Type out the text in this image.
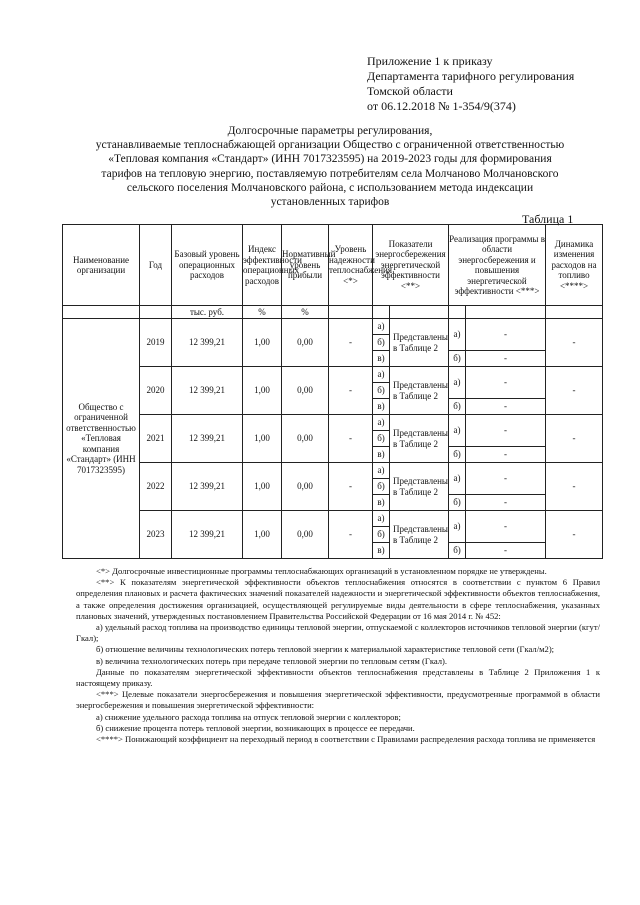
Приложение 1 к приказу
Департамента тарифного регулирования
Томской области
от 06.12.2018 № 1-354/9(374)
Долгосрочные параметры регулирования,
устанавливаемые теплоснабжающей организации Общество с ограниченной ответственностью
«Тепловая компания «Стандарт» (ИНН 7017323595) на 2019-2023 годы для формирования
тарифов на тепловую энергию, поставляемую потребителям села Молчаново Молчановского
сельского поселения Молчановского района, с использованием метода индексации
установленных тарифов
Таблица 1
Наименование организации	Год	Базовый уровень операционных расходов	Индекс эффективности операционных расходов	Нормативный уровень прибыли	Уровень надежности теплоснабжения <*>	Показатели энергосбережения энергетической эффективности <**>		Реализация программы в области энергосбережения и повышения энергетической эффективности <***>		Динамика изменения расходов на топливо <****>
		тыс. руб.	%	%						
Общество с ограниченной ответственностью «Тепловая компания «Стандарт» (ИНН 7017323595)	2019	12 399,21	1,00	0,00	-	а)	Представлены в Таблице 2	а)	-	-
						б)				
						в)		б)	-	
	2020	12 399,21	1,00	0,00	-	а)	Представлены в Таблице 2	а)	-	-
						б)				
						в)		б)	-	
	2021	12 399,21	1,00	0,00	-	а)	Представлены в Таблице 2	а)	-	-
						б)				
						в)		б)	-	
	2022	12 399,21	1,00	0,00	-	а)	Представлены в Таблице 2	а)	-	-
						б)				
						в)		б)	-	
	2023	12 399,21	1,00	0,00	-	а)	Представлены в Таблице 2	а)	-	-
						б)				
						в)		б)	-	

<*> Долгосрочные инвестиционные программы теплоснабжающих организаций в установленном порядке не утверждены.

<**> К показателям энергетической эффективности объектов теплоснабжения относятся в соответствии с пунктом 6 Правил определения плановых и расчета фактических значений показателей надежности и энергетической эффективности объектов теплоснабжения, а также определения достижения организацией, осуществляющей регулируемые виды деятельности в сфере теплоснабжения, указанных плановых значений, утвержденных постановлением Правительства Российской Федерации от 16 мая 2014 г. № 452:

а) удельный расход топлива на производство единицы тепловой энергии, отпускаемой с коллекторов источников тепловой энергии (кгут/Гкал);

б) отношение величины технологических потерь тепловой энергии к материальной характеристике тепловой сети (Гкал/м2);

в) величина технологических потерь при передаче тепловой энергии по тепловым сетям (Гкал).

Данные по показателям энергетической эффективности объектов теплоснабжения представлены в Таблице 2 Приложения 1 к настоящему приказу.

<***> Целевые показатели энергосбережения и повышения энергетической эффективности, предусмотренные программой в области энергосбережения и повышения энергетической эффективности:

а) снижение удельного расхода топлива на отпуск тепловой энергии с коллекторов;

б) снижение процента потерь тепловой энергии, возникающих в процессе ее передачи.

<****> Понижающий коэффициент на переходный период в соответствии с Правилами распределения расхода топлива не применяется
